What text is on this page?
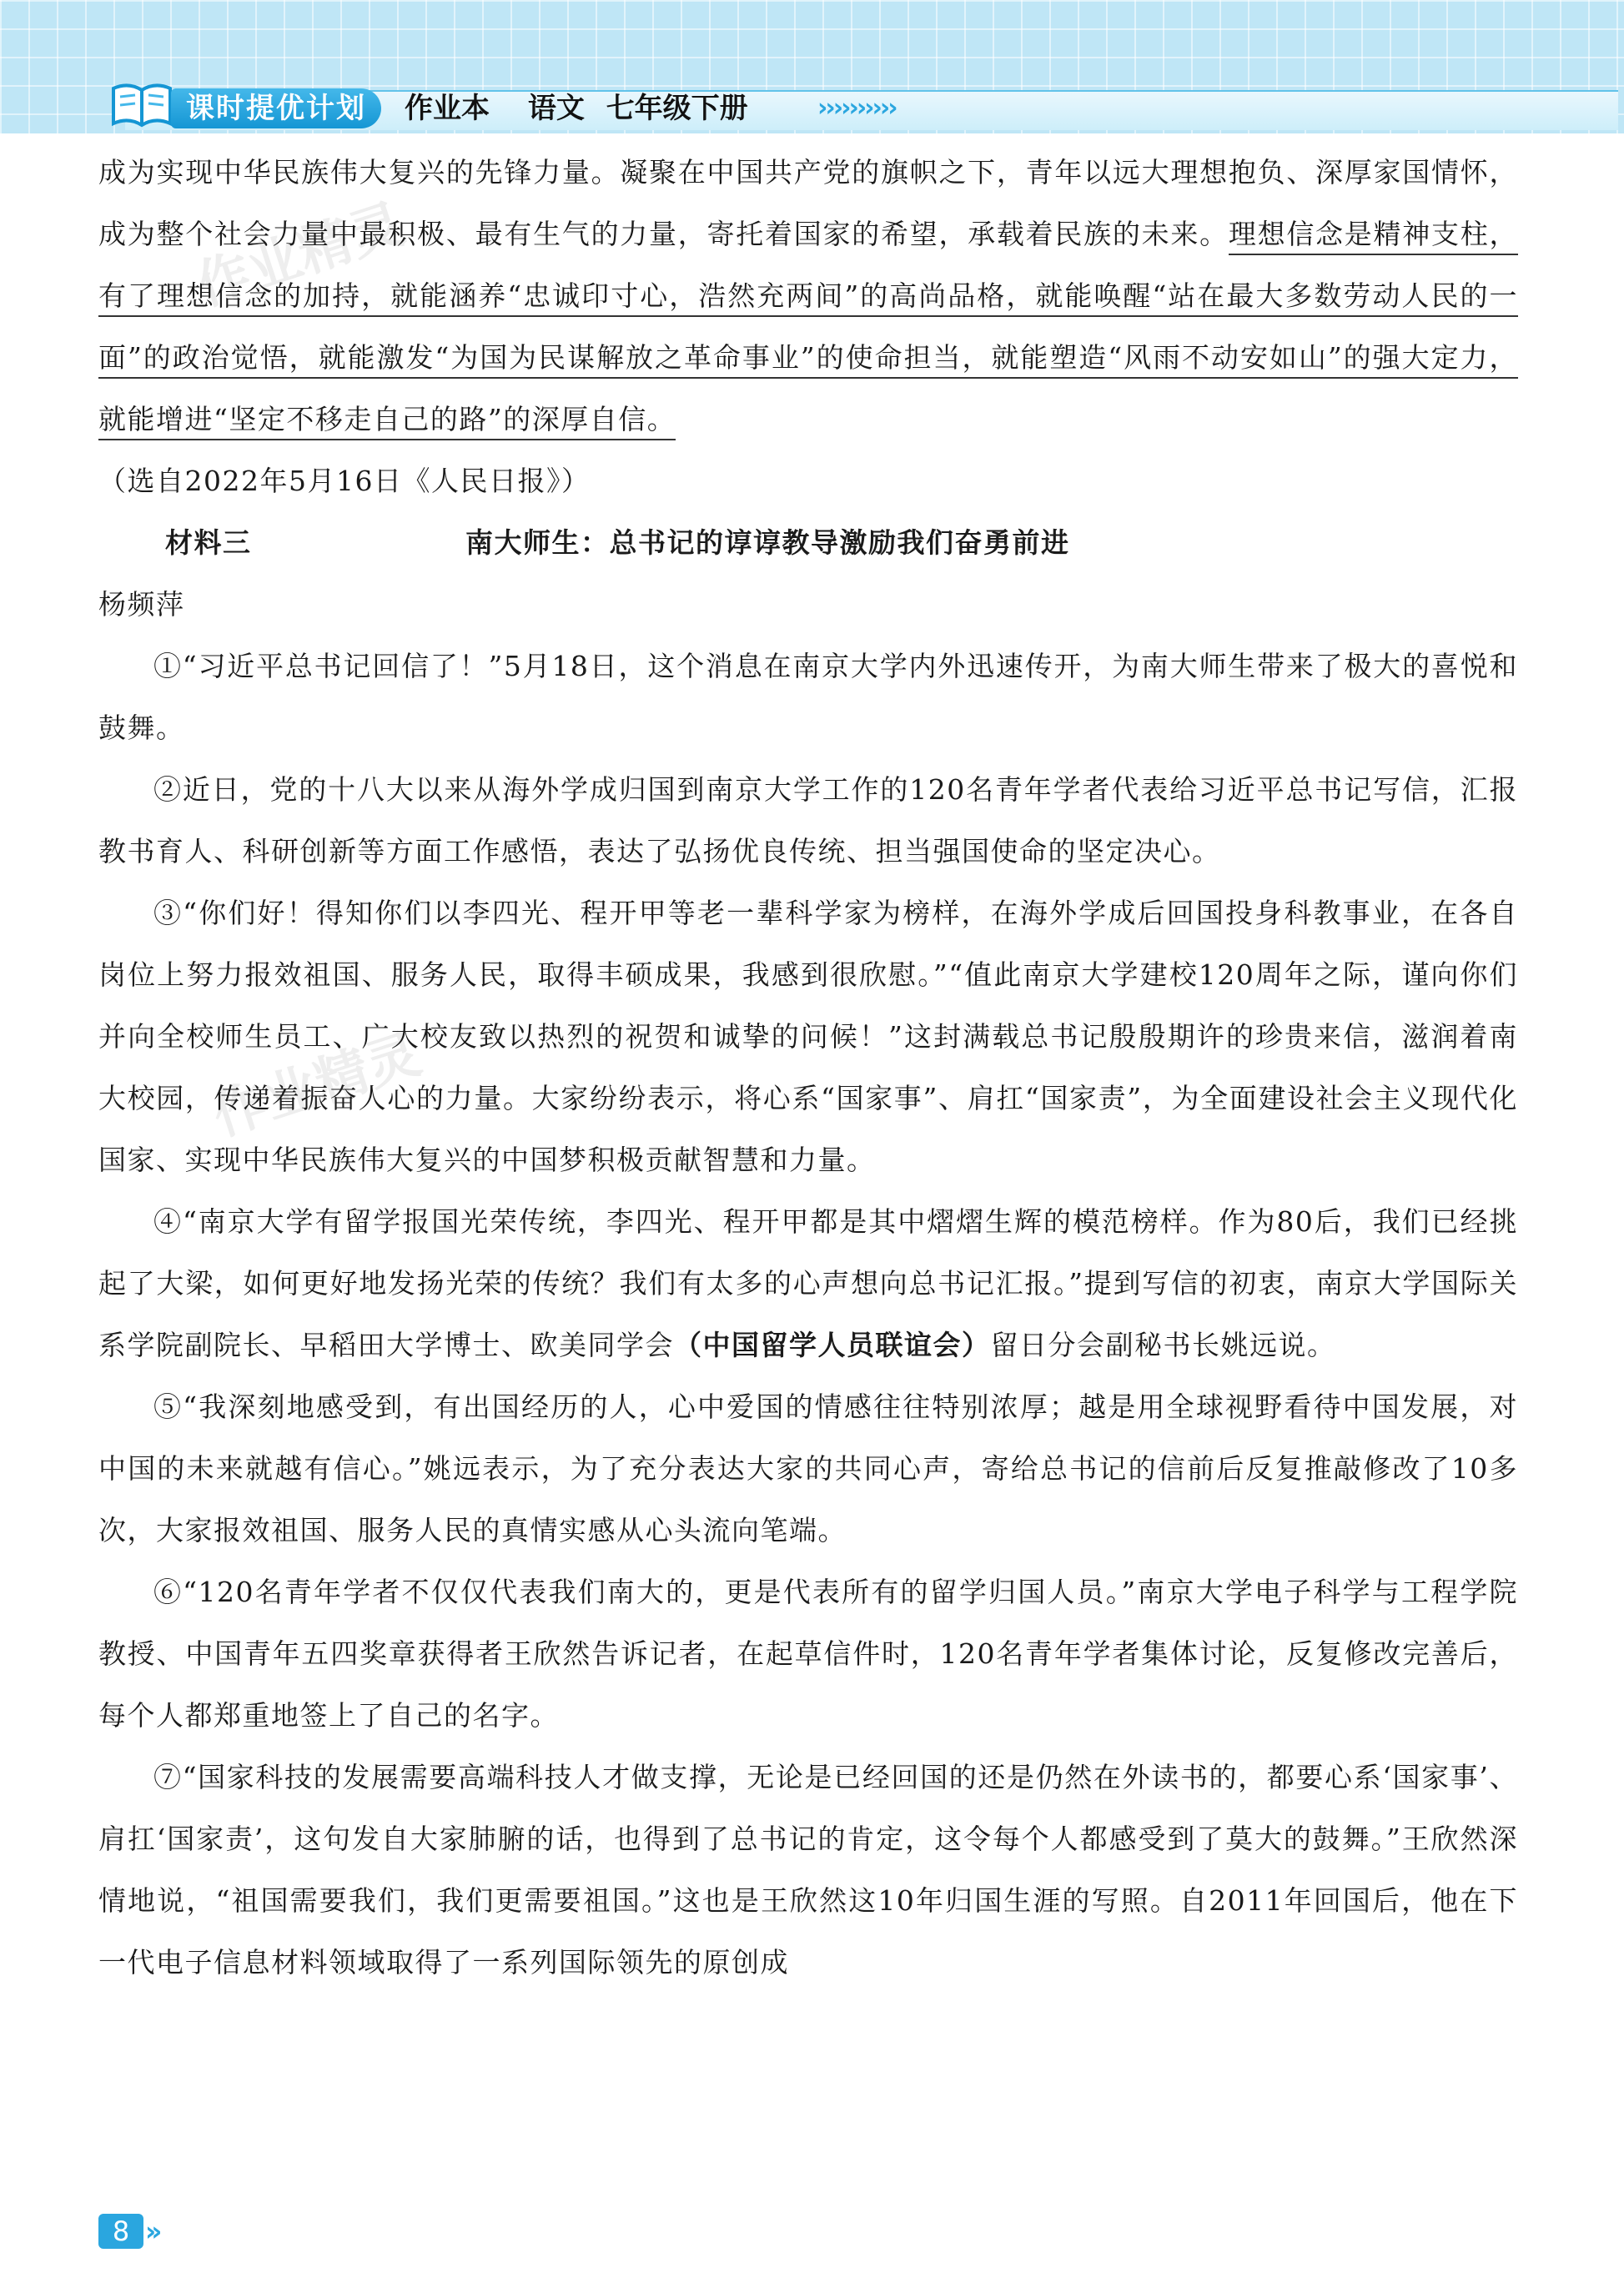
课时提优计划	作业本 语文 七年级下册	››››››››››
作业精灵
作业精灵

成为实现中华民族伟大复兴的先锋力量。凝聚在中国共产党的旗帜之下，青年以远大理想抱负、深厚家国情怀，成为整个社会力量中最积极、最有生气的力量，寄托着国家的希望，承载着民族的未来。理想信念是精神支柱，有了理想信念的加持，就能涵养“忠诚印寸心，浩然充两间”的高尚品格，就能唤醒“站在最大多数劳动人民的一面”的政治觉悟，就能激发“为国为民谋解放之革命事业”的使命担当，就能塑造“风雨不动安如山”的强大定力，就能增进“坚定不移走自己的路”的深厚自信。

（选自2022年5月16日《人民日报》）

材料三	南大师生：总书记的谆谆教导激励我们奋勇前进

杨频萍

①“习近平总书记回信了！”5月18日，这个消息在南京大学内外迅速传开，为南大师生带来了极大的喜悦和鼓舞。

②近日，党的十八大以来从海外学成归国到南京大学工作的120名青年学者代表给习近平总书记写信，汇报教书育人、科研创新等方面工作感悟，表达了弘扬优良传统、担当强国使命的坚定决心。

③“你们好！得知你们以李四光、程开甲等老一辈科学家为榜样，在海外学成后回国投身科教事业，在各自岗位上努力报效祖国、服务人民，取得丰硕成果，我感到很欣慰。”“值此南京大学建校120周年之际，谨向你们并向全校师生员工、广大校友致以热烈的祝贺和诚挚的问候！”这封满载总书记殷殷期许的珍贵来信，滋润着南大校园，传递着振奋人心的力量。大家纷纷表示，将心系“国家事”、肩扛“国家责”，为全面建设社会主义现代化国家、实现中华民族伟大复兴的中国梦积极贡献智慧和力量。

④“南京大学有留学报国光荣传统，李四光、程开甲都是其中熠熠生辉的模范榜样。作为80后，我们已经挑起了大梁，如何更好地发扬光荣的传统？我们有太多的心声想向总书记汇报。”提到写信的初衷，南京大学国际关系学院副院长、早稻田大学博士、欧美同学会（中国留学人员联谊会）留日分会副秘书长姚远说。

⑤“我深刻地感受到，有出国经历的人，心中爱国的情感往往特别浓厚；越是用全球视野看待中国发展，对中国的未来就越有信心。”姚远表示，为了充分表达大家的共同心声，寄给总书记的信前后反复推敲修改了10多次，大家报效祖国、服务人民的真情实感从心头流向笔端。

⑥“120名青年学者不仅仅代表我们南大的，更是代表所有的留学归国人员。”南京大学电子科学与工程学院教授、中国青年五四奖章获得者王欣然告诉记者，在起草信件时，120名青年学者集体讨论，反复修改完善后，每个人都郑重地签上了自己的名字。

⑦“国家科技的发展需要高端科技人才做支撑，无论是已经回国的还是仍然在外读书的，都要心系‘国家事’、肩扛‘国家责’，这句发自大家肺腑的话，也得到了总书记的肯定，这令每个人都感受到了莫大的鼓舞。”王欣然深情地说，“祖国需要我们，我们更需要祖国。”这也是王欣然这10年归国生涯的写照。自2011年回国后，他在下一代电子信息材料领域取得了一系列国际领先的原创成

8 ››
